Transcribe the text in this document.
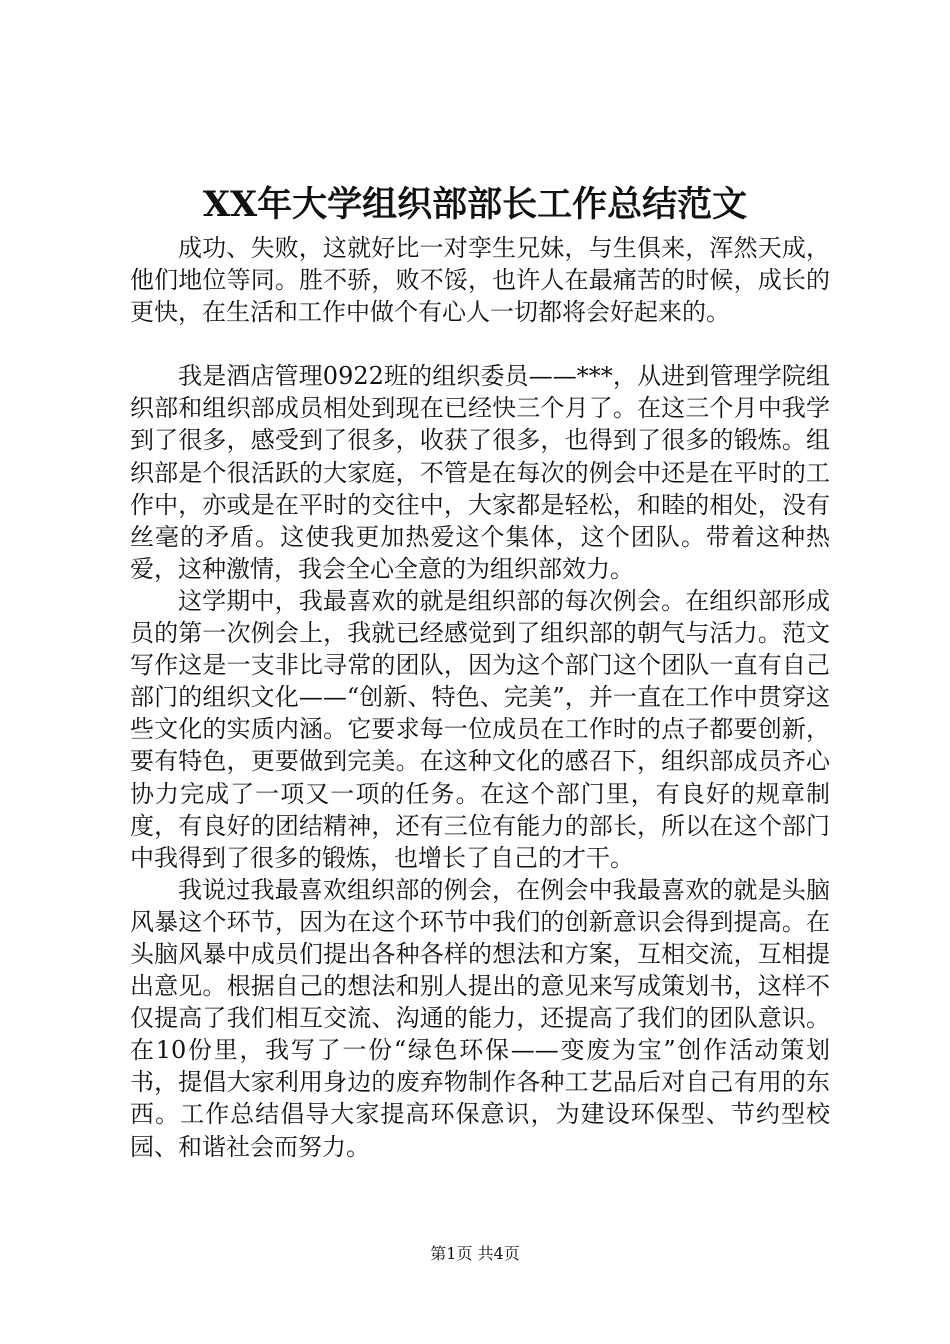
XX年大学组织部部长工作总结范文

成功、失败，这就好比一对孪生兄妹，与生俱来，浑然天成，他们地位等同。胜不骄，败不馁，也许人在最痛苦的时候，成长的更快，在生活和工作中做个有心人一切都将会好起来的。

我是酒店管理0922班的组织委员——***，从进到管理学院组织部和组织部成员相处到现在已经快三个月了。在这三个月中我学到了很多，感受到了很多，收获了很多，也得到了很多的锻炼。组织部是个很活跃的大家庭，不管是在每次的例会中还是在平时的工作中，亦或是在平时的交往中，大家都是轻松，和睦的相处，没有丝毫的矛盾。这使我更加热爱这个集体，这个团队。带着这种热爱，这种激情，我会全心全意的为组织部效力。

这学期中，我最喜欢的就是组织部的每次例会。在组织部形成员的第一次例会上，我就已经感觉到了组织部的朝气与活力。范文写作这是一支非比寻常的团队，因为这个部门这个团队一直有自己部门的组织文化——“创新、特色、完美”，并一直在工作中贯穿这些文化的实质内涵。它要求每一位成员在工作时的点子都要创新，要有特色，更要做到完美。在这种文化的感召下，组织部成员齐心协力完成了一项又一项的任务。在这个部门里，有良好的规章制度，有良好的团结精神，还有三位有能力的部长，所以在这个部门中我得到了很多的锻炼，也增长了自己的才干。

我说过我最喜欢组织部的例会，在例会中我最喜欢的就是头脑风暴这个环节，因为在这个环节中我们的创新意识会得到提高。在头脑风暴中成员们提出各种各样的想法和方案，互相交流，互相提出意见。根据自己的想法和别人提出的意见来写成策划书，这样不仅提高了我们相互交流、沟通的能力，还提高了我们的团队意识。在10份里，我写了一份“绿色环保——变废为宝”创作活动策划书，提倡大家利用身边的废弃物制作各种工艺品后对自己有用的东西。工作总结倡导大家提高环保意识，为建设环保型、节约型校园、和谐社会而努力。

第1页 共4页
